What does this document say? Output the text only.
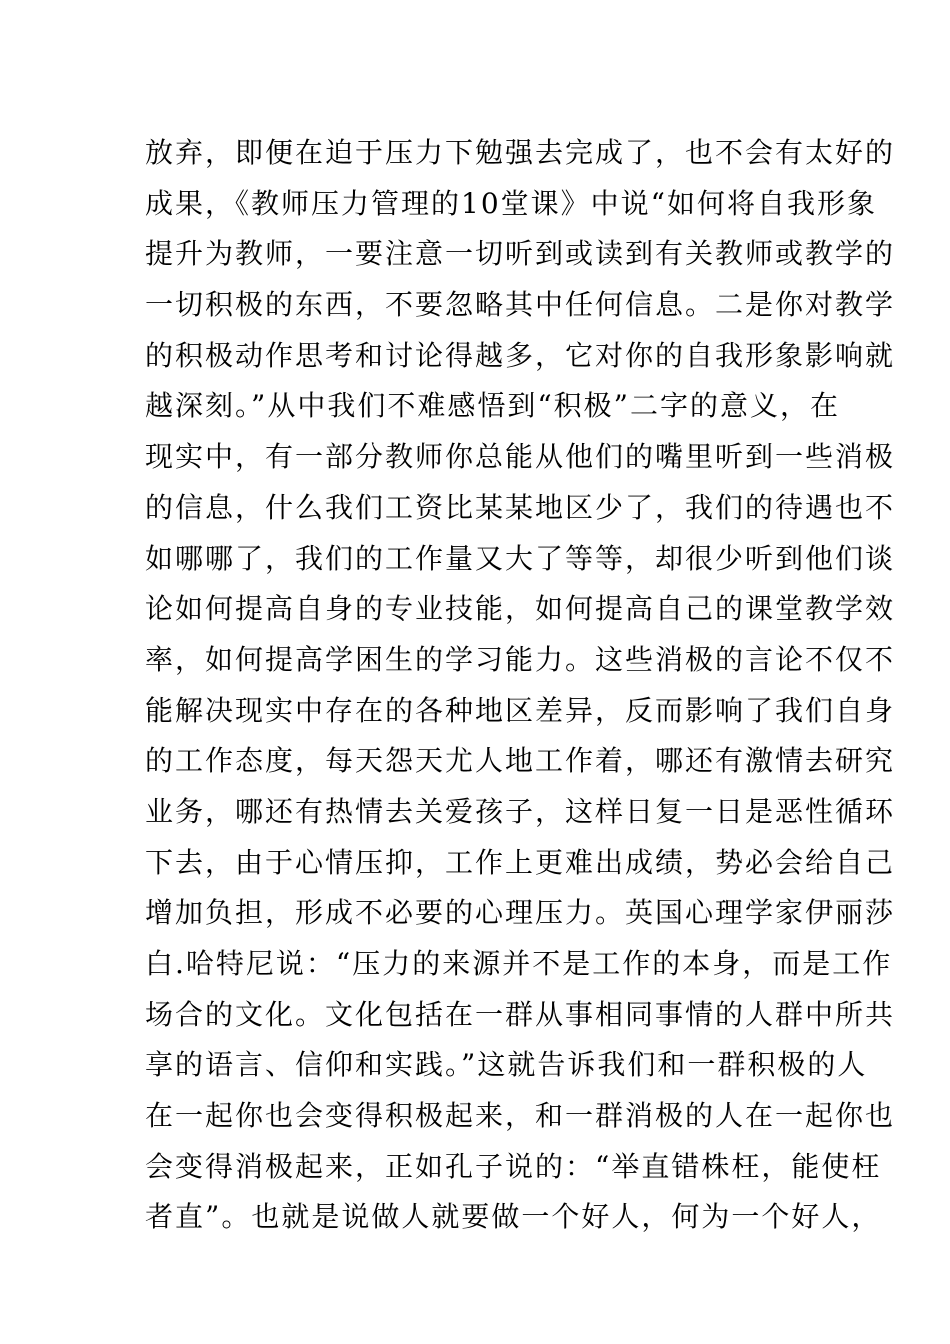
放弃，即便在迫于压力下勉强去完成了，也不会有太好的
成果，《教师压力管理的10堂课》中说“如何将自我形象
提升为教师，一要注意一切听到或读到有关教师或教学的
一切积极的东西，不要忽略其中任何信息。二是你对教学
的积极动作思考和讨论得越多，它对你的自我形象影响就
越深刻。”从中我们不难感悟到“积极”二字的意义，在
现实中，有一部分教师你总能从他们的嘴里听到一些消极
的信息，什么我们工资比某某地区少了，我们的待遇也不
如哪哪了，我们的工作量又大了等等，却很少听到他们谈
论如何提高自身的专业技能，如何提高自己的课堂教学效
率，如何提高学困生的学习能力。这些消极的言论不仅不
能解决现实中存在的各种地区差异，反而影响了我们自身
的工作态度，每天怨天尤人地工作着，哪还有激情去研究
业务，哪还有热情去关爱孩子，这样日复一日是恶性循环
下去，由于心情压抑，工作上更难出成绩，势必会给自己
增加负担，形成不必要的心理压力。英国心理学家伊丽莎
白.哈特尼说：“压力的来源并不是工作的本身，而是工作
场合的文化。文化包括在一群从事相同事情的人群中所共
享的语言、信仰和实践。”这就告诉我们和一群积极的人
在一起你也会变得积极起来，和一群消极的人在一起你也
会变得消极起来，正如孔子说的：“举直错株枉，能使枉
者直”。也就是说做人就要做一个好人，何为一个好人，
